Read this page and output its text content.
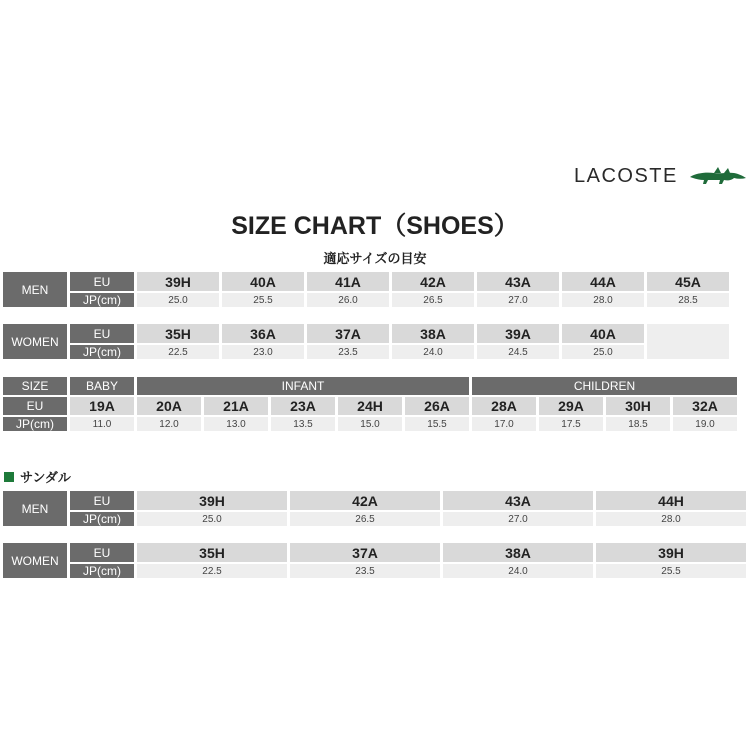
LACOSTE
SIZE CHART（SHOES）
適応サイズの目安
MEN	EU	39H	40A	41A	42A	43A	44A	45A
	JP(cm)	25.0	25.5	26.0	26.5	27.0	28.0	28.5
WOMEN	EU	35H	36A	37A	38A	39A	40A	
	JP(cm)	22.5	23.0	23.5	24.0	24.5	25.0	
SIZE	BABY	INFANT					CHILDREN			
EU	19A	20A	21A	23A	24H	26A	28A	29A	30H	32A
JP(cm)	11.0	12.0	13.0	13.5	15.0	15.5	17.0	17.5	18.5	19.0
サンダル
MEN	EU	39H	42A	43A	44H
	JP(cm)	25.0	26.5	27.0	28.0
WOMEN	EU	35H	37A	38A	39H
	JP(cm)	22.5	23.5	24.0	25.5
